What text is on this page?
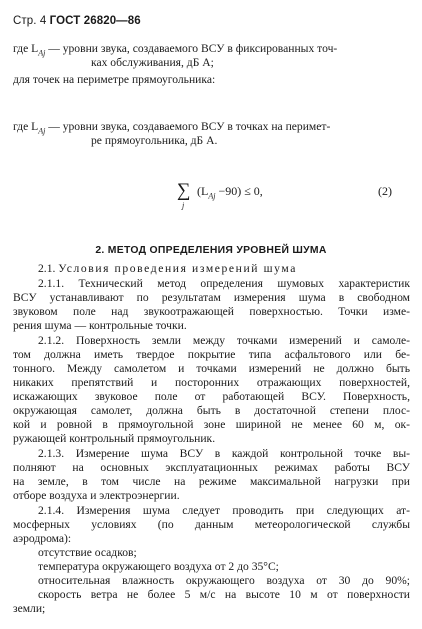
Стр. 4 ГОСТ 26820—86
где $L_{Aj}$ — уровни звука, создаваемого ВСУ в фиксированных точ-
ках обслуживания, дБ А;
для точек на периметре прямоугольника:
∑
j
$(L_{Aj} -90) \le 0$,	(2)
где $L_{Aj}$ — уровни звука, создаваемого ВСУ в точках на перимет-
ре прямоугольника, дБ А.
2. МЕТОД ОПРЕДЕЛЕНИЯ УРОВНЕЙ ШУМА
2.1. Условия проведения измерений шума
2.1.1. Технический метод определения шумовых характеристик
ВСУ устанавливают по результатам измерения шума в свободном
звуковом поле над звукоотражающей поверхностью. Точки изме-
рения шума — контрольные точки.
2.1.2. Поверхность земли между точками измерений и самоле-
том должна иметь твердое покрытие типа асфальтового или бе-
тонного. Между самолетом и точками измерений не должно быть
никаких препятствий и посторонних отражающих поверхностей,
искажающих звуковое поле от работающей ВСУ. Поверхность,
окружающая самолет, должна быть в достаточной степени плос-
кой и ровной в прямоугольной зоне шириной не менее 60 м, ок-
ружающей контрольный прямоугольник.
2.1.3. Измерение шума ВСУ в каждой контрольной точке вы-
полняют на основных эксплуатационных режимах работы ВСУ
на земле, в том числе на режиме максимальной нагрузки при
отборе воздуха и электроэнергии.
2.1.4. Измерения шума следует проводить при следующих ат-
мосферных условиях (по данным метеорологической службы
аэродрома):
отсутствие осадков;
температура окружающего воздуха от 2 до 35°С;
относительная влажность окружающего воздуха от 30 до 90%;
скорость ветра не более 5 м/с на высоте 10 м от поверхности
земли;
